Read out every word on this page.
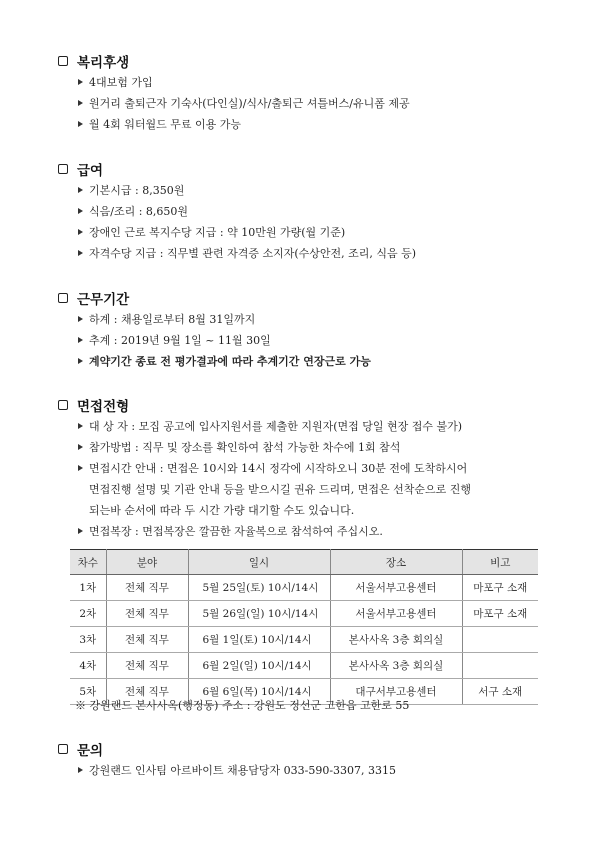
복리후생
4대보험 가입
원거리 출퇴근자 기숙사(다인실)/식사/출퇴근 셔틀버스/유니폼 제공
월 4회 워터월드 무료 이용 가능
급여
기본시급 : 8,350원
식음/조리 : 8,650원
장애인 근로 복지수당 지급 : 약 10만원 가량(월 기준)
자격수당 지급 : 직무별 관련 자격증 소지자(수상안전, 조리, 식음 등)
근무기간
하계 : 채용일로부터 8월 31일까지
추계 : 2019년 9월 1일 ~ 11월 30일
계약기간 종료 전 평가결과에 따라 추계기간 연장근로 가능
면접전형
대 상 자 : 모집 공고에 입사지원서를 제출한 지원자(면접 당일 현장 접수 불가)
참가방법 : 직무 및 장소를 확인하여 참석 가능한 차수에 1회 참석
면접시간 안내 : 면접은 10시와 14시 정각에 시작하오니 30분 전에 도착하시어
면접진행 설명 및 기관 안내 등을 받으시길 권유 드리며, 면접은 선착순으로 진행
되는바 순서에 따라 두 시간 가량 대기할 수도 있습니다.
면접복장 : 면접복장은 깔끔한 자율복으로 참석하여 주십시오.
차수	분야	일시	장소	비고
1차	전체 직무	5월 25일(토) 10시/14시	서울서부고용센터	마포구 소재
2차	전체 직무	5월 26일(일) 10시/14시	서울서부고용센터	마포구 소재
3차	전체 직무	6월 1일(토) 10시/14시	본사사옥 3층 회의실	
4차	전체 직무	6월 2일(일) 10시/14시	본사사옥 3층 회의실	
5차	전체 직무	6월 6일(목) 10시/14시	대구서부고용센터	서구 소재
※ 강원랜드 본사사옥(행정동) 주소 : 강원도 정선군 고한읍 고한로 55
문의
강원랜드 인사팀 아르바이트 채용담당자 033-590-3307, 3315
